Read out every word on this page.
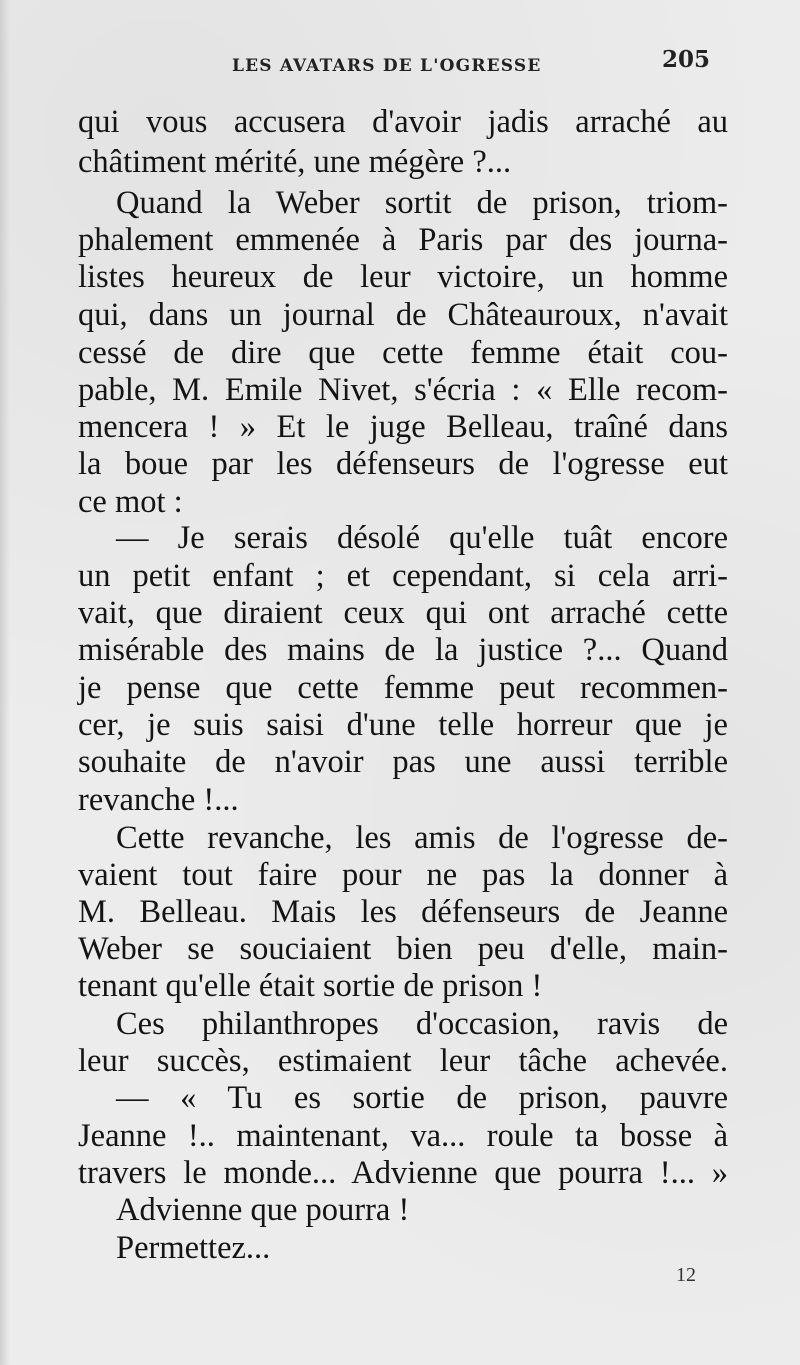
LES AVATARS DE L'OGRESSE	205
qui vous accusera d'avoir jadis arraché au
châtiment mérité, une mégère ?...
Quand la Weber sortit de prison, triom-
phalement emmenée à Paris par des journa-
listes heureux de leur victoire, un homme
qui, dans un journal de Châteauroux, n'avait
cessé de dire que cette femme était cou-
pable, M. Emile Nivet, s'écria : « Elle recom-
mencera ! » Et le juge Belleau, traîné dans
la boue par les défenseurs de l'ogresse eut
ce mot :
— Je serais désolé qu'elle tuât encore
un petit enfant ; et cependant, si cela arri-
vait, que diraient ceux qui ont arraché cette
misérable des mains de la justice ?... Quand
je pense que cette femme peut recommen-
cer, je suis saisi d'une telle horreur que je
souhaite de n'avoir pas une aussi terrible
revanche !...
Cette revanche, les amis de l'ogresse de-
vaient tout faire pour ne pas la donner à
M. Belleau. Mais les défenseurs de Jeanne
Weber se souciaient bien peu d'elle, main-
tenant qu'elle était sortie de prison !
Ces philanthropes d'occasion, ravis de
leur succès, estimaient leur tâche achevée.
— « Tu es sortie de prison, pauvre
Jeanne !.. maintenant, va... roule ta bosse à
travers le monde... Advienne que pourra !... »
Advienne que pourra !
Permettez...
12
